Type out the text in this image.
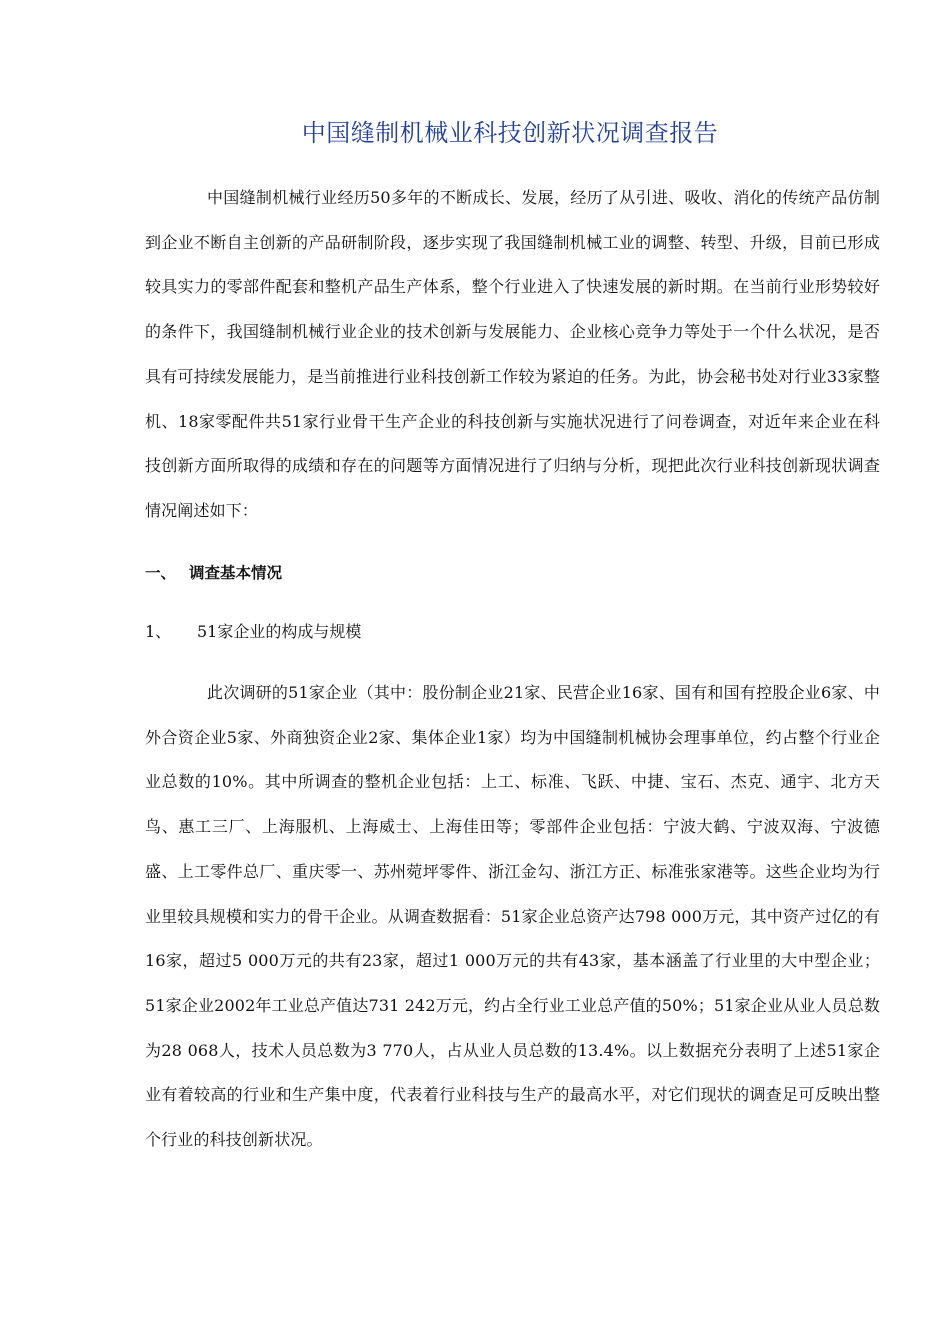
中国缝制机械业科技创新状况调查报告

中国缝制机械行业经历50多年的不断成长、发展，经历了从引进、吸收、消化的传统产品仿制到企业不断自主创新的产品研制阶段，逐步实现了我国缝制机械工业的调整、转型、升级，目前已形成较具实力的零部件配套和整机产品生产体系，整个行业进入了快速发展的新时期。在当前行业形势较好的条件下，我国缝制机械行业企业的技术创新与发展能力、企业核心竞争力等处于一个什么状况，是否具有可持续发展能力，是当前推进行业科技创新工作较为紧迫的任务。为此，协会秘书处对行业33家整机、18家零配件共51家行业骨干生产企业的科技创新与实施状况进行了问卷调查，对近年来企业在科技创新方面所取得的成绩和存在的问题等方面情况进行了归纳与分析，现把此次行业科技创新现状调查情况阐述如下：

一、 调查基本情况
1、 51家企业的构成与规模

此次调研的51家企业（其中：股份制企业21家、民营企业16家、国有和国有控股企业6家、中外合资企业5家、外商独资企业2家、集体企业1家）均为中国缝制机械协会理事单位，约占整个行业企业总数的10%。其中所调查的整机企业包括：上工、标准、飞跃、中捷、宝石、杰克、通宇、北方天鸟、惠工三厂、上海服机、上海威士、上海佳田等；零部件企业包括：宁波大鹤、宁波双海、宁波德盛、上工零件总厂、重庆零一、苏州菀坪零件、浙江金勾、浙江方正、标准张家港等。这些企业均为行业里较具规模和实力的骨干企业。从调查数据看：51家企业总资产达798 000万元，其中资产过亿的有16家，超过5 000万元的共有23家，超过1 000万元的共有43家，基本涵盖了行业里的大中型企业；51家企业2002年工业总产值达731 242万元，约占全行业工业总产值的50%；51家企业从业人员总数为28 068人，技术人员总数为3 770人，占从业人员总数的13.4%。以上数据充分表明了上述51家企业有着较高的行业和生产集中度，代表着行业科技与生产的最高水平，对它们现状的调查足可反映出整个行业的科技创新状况。
